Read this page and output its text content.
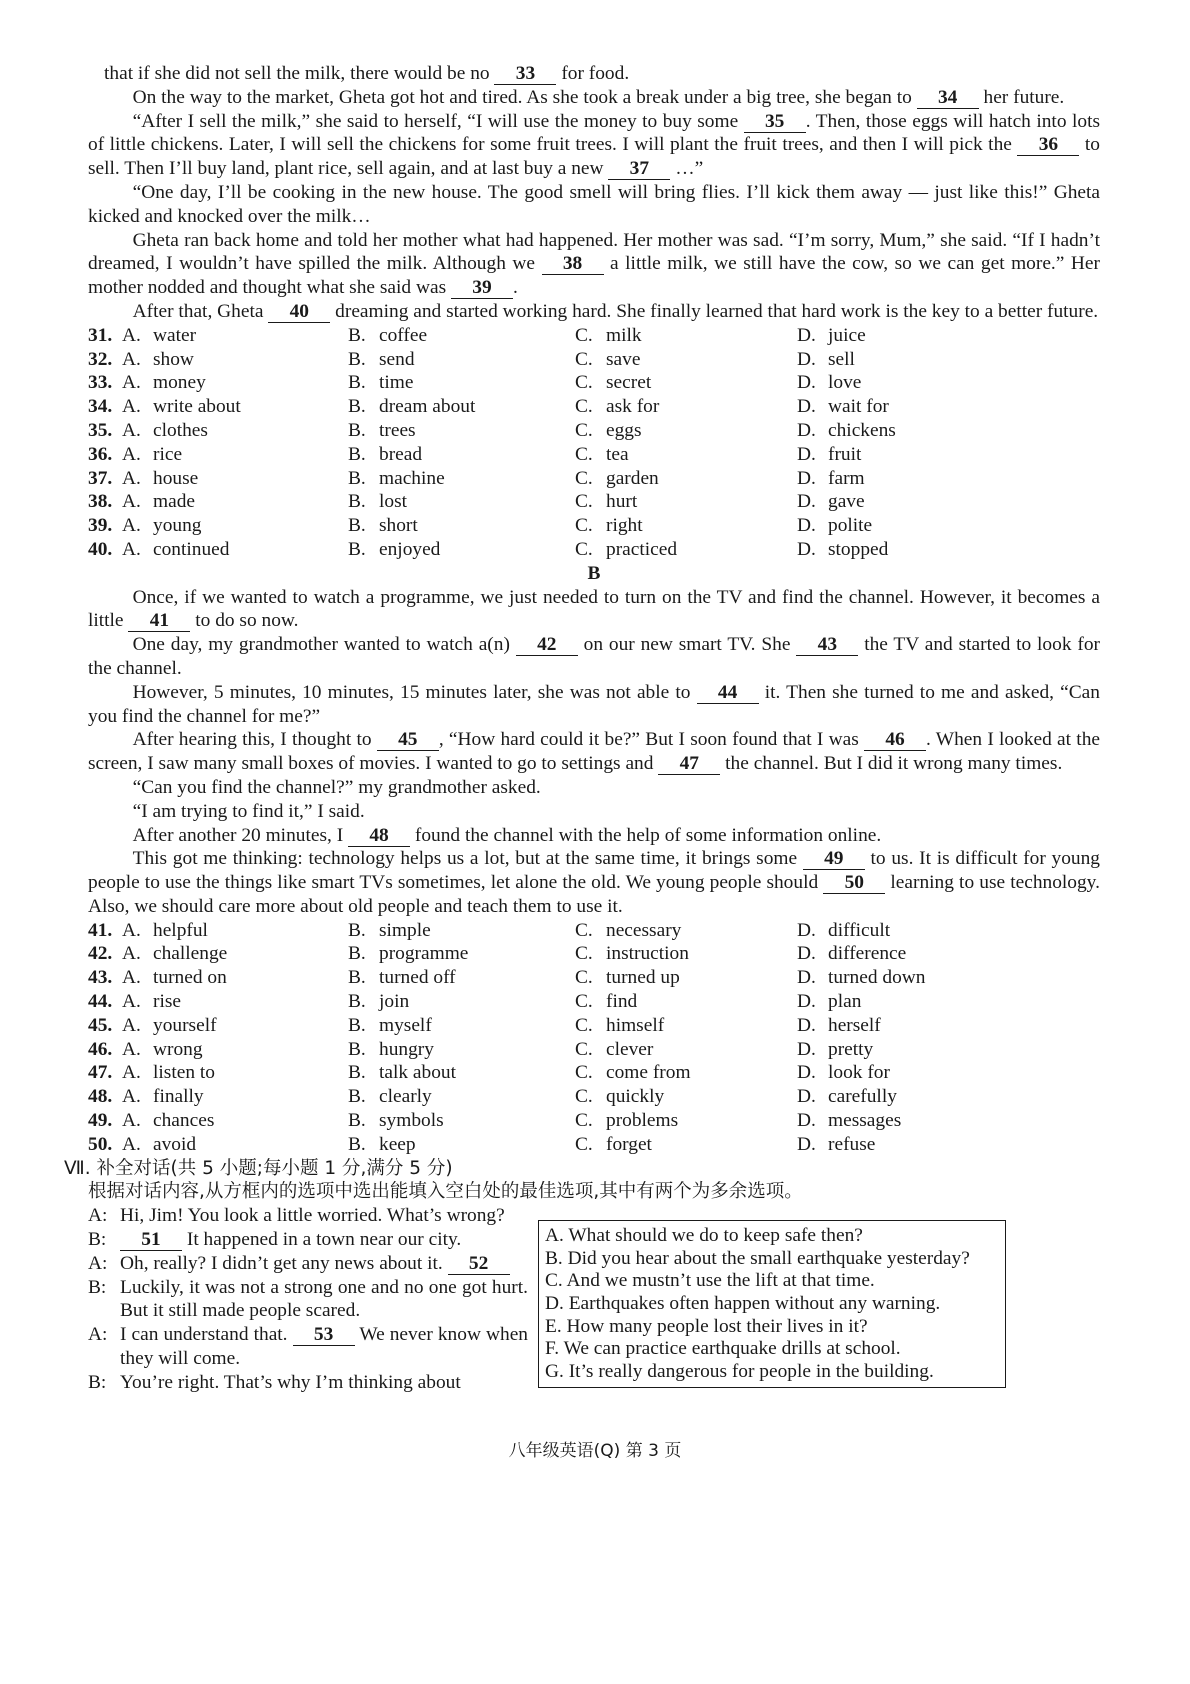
that if she did not sell the milk, there would be no 33 for food.

On the way to the market, Gheta got hot and tired. As she took a break under a big tree, she began to 34 her future.

“After I sell the milk,” she said to herself, “I will use the money to buy some 35 . Then, those eggs will hatch into lots of little chickens. Later, I will sell the chickens for some fruit trees. I will plant the fruit trees, and then I will pick the 36 to sell. Then I’ll buy land, plant rice, sell again, and at last buy a new 37 …”

“One day, I’ll be cooking in the new house. The good smell will bring flies. I’ll kick them away — just like this!” Gheta kicked and knocked over the milk…

Gheta ran back home and told her mother what had happened. Her mother was sad. “I’m sorry, Mum,” she said. “If I hadn’t dreamed, I wouldn’t have spilled the milk. Although we 38 a little milk, we still have the cow, so we can get more.” Her mother nodded and thought what she said was 39 .

After that, Gheta 40 dreaming and started working hard. She finally learned that hard work is the key to a better future.

31. A. water	B. coffee	C. milk	D. juice
32. A. show	B. send	C. save	D. sell
33. A. money	B. time	C. secret	D. love
34. A. write about	B. dream about	C. ask for	D. wait for
35. A. clothes	B. trees	C. eggs	D. chickens
36. A. rice	B. bread	C. tea	D. fruit
37. A. house	B. machine	C. garden	D. farm
38. A. made	B. lost	C. hurt	D. gave
39. A. young	B. short	C. right	D. polite
40. A. continued	B. enjoyed	C. practiced	D. stopped

B

Once, if we wanted to watch a programme, we just needed to turn on the TV and find the channel. However, it becomes a little 41 to do so now.

One day, my grandmother wanted to watch a(n) 42 on our new smart TV. She 43 the TV and started to look for the channel.

However, 5 minutes, 10 minutes, 15 minutes later, she was not able to 44 it. Then she turned to me and asked, “Can you find the channel for me?”

After hearing this, I thought to 45 , “How hard could it be?” But I soon found that I was 46 . When I looked at the screen, I saw many small boxes of movies. I wanted to go to settings and 47 the channel. But I did it wrong many times.

“Can you find the channel?” my grandmother asked.

“I am trying to find it,” I said.

After another 20 minutes, I 48 found the channel with the help of some information online.

This got me thinking: technology helps us a lot, but at the same time, it brings some 49 to us. It is difficult for young people to use the things like smart TVs sometimes, let alone the old. We young people should 50 learning to use technology. Also, we should care more about old people and teach them to use it.

41. A. helpful	B. simple	C. necessary	D. difficult
42. A. challenge	B. programme	C. instruction	D. difference
43. A. turned on	B. turned off	C. turned up	D. turned down
44. A. rise	B. join	C. find	D. plan
45. A. yourself	B. myself	C. himself	D. herself
46. A. wrong	B. hungry	C. clever	D. pretty
47. A. listen to	B. talk about	C. come from	D. look for
48. A. finally	B. clearly	C. quickly	D. carefully
49. A. chances	B. symbols	C. problems	D. messages
50. A. avoid	B. keep	C. forget	D. refuse

Ⅶ. 补全对话(共 5 小题;每小题 1 分,满分 5 分)

根据对话内容,从方框内的选项中选出能填入空白处的最佳选项,其中有两个为多余选项。

A: Hi, Jim! You look a little worried. What’s wrong?
B:	51 It happened in a town near our city.
A: Oh, really? I didn’t get any news about it. 52
B: Luckily, it was not a strong one and no one got hurt. But it still made people scared.
A: I can understand that. 53 We never know when they will come.
B: You’re right. That’s why I’m thinking about

A. What should we do to keep safe then?

B. Did you hear about the small earthquake yesterday?

C. And we mustn’t use the lift at that time.

D. Earthquakes often happen without any warning.

E. How many people lost their lives in it?

F. We can practice earthquake drills at school.

G. It’s really dangerous for people in the building.

八年级英语(Q) 第 3 页
